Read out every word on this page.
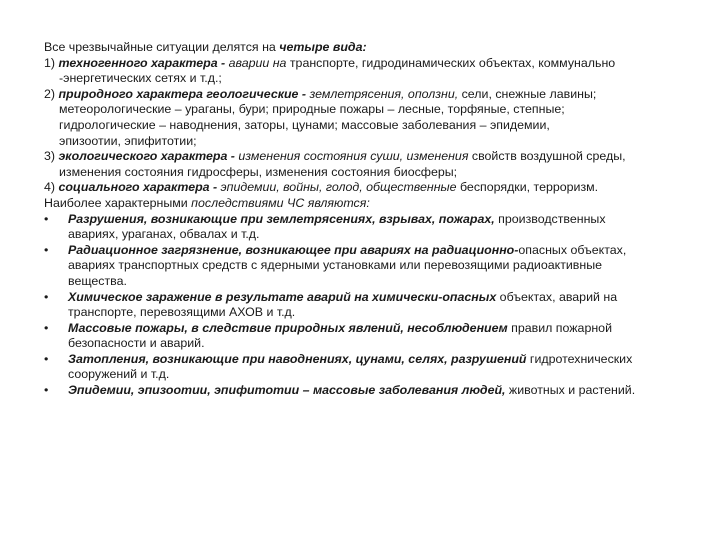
Все чрезвычайные ситуации делятся на четыре вида:

1) техногенного характера - аварии на транспорте, гидродинамических объектах, коммунально

-энергетических сетях и т.д.;

2) природного характера геологические - землетрясения, оползни, сели, снежные лавины;

метеорологические – ураганы, бури; природные пожары – лесные, торфяные, степные;

гидрологические – наводнения, заторы, цунами; массовые заболевания – эпидемии,

эпизоотии, эпифитотии;

3) экологического характера - изменения состояния суши, изменения свойств воздушной среды,

изменения состояния гидросферы, изменения состояния биосферы;

4) социального характера - эпидемии, войны, голод, общественные беспорядки, терроризм.

Наиболее характерными последствиями ЧС являются:

• Разрушения, возникающие при землетрясениях, взрывах, пожарах, производственных

авариях, ураганах, обвалах и т.д.

• Радиационное загрязнение, возникающее при авариях на радиационно-опасных объектах,

авариях транспортных средств с ядерными установками или перевозящими радиоактивные

вещества.

• Химическое заражение в результате аварий на химически-опасных объектах, аварий на

транспорте, перевозящими АХОВ и т.д.

• Массовые пожары, в следствие природных явлений, несоблюдением правил пожарной

безопасности и аварий.

• Затопления, возникающие при наводнениях, цунами, селях, разрушений гидротехнических

сооружений и т.д.

• Эпидемии, эпизоотии, эпифитотии – массовые заболевания людей, животных и растений.
